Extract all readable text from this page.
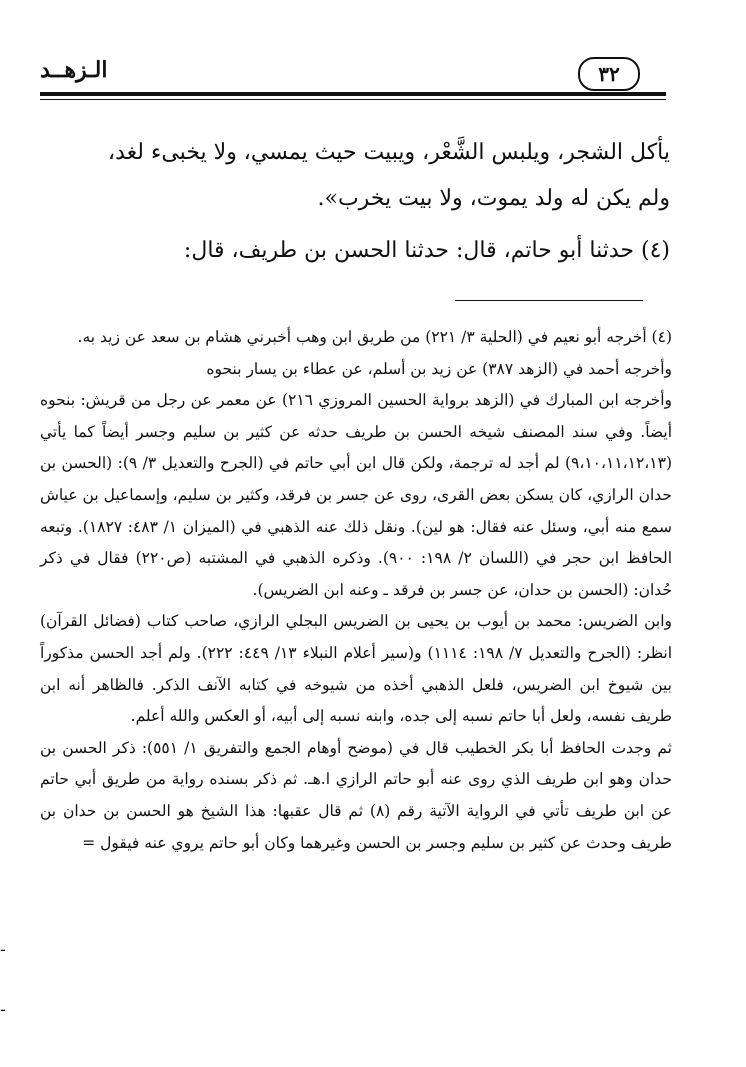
٣٢
الـزهــد

يأكل الشجر، ويلبس الشَّعْر، ويبيت حيث يمسي، ولا يخبىء لغد،

ولم يكن له ولد يموت، ولا بيت يخرب».

(٤) حدثنا أبو حاتم، قال: حدثنا الحسن بن طريف، قال:

(٤) أخرجه أبو نعيم في (الحلية ٣/ ٢٢١) من طريق ابن وهب أخبرني هشام بن سعد عن زيد به.

وأخرجه أحمد في (الزهد ٣٨٧) عن زيد بن أسلم، عن عطاء بن يسار بنحوه

وأخرجه ابن المبارك في (الزهد برواية الحسين المروزي ٢١٦) عن معمر عن رجل من قريش: بنحوه أيضاً. وفي سند المصنف شيخه الحسن بن طريف حدثه عن كثير بن سليم وجسر أيضاً كما يأتي (٩،١٠،١١،١٢،١٣) لم أجد له ترجمة، ولكن قال ابن أبي حاتم في (الجرح والتعديل ٣/ ٩): (الحسن بن حدان الرازي، كان يسكن بعض القرى، روى عن جسر بن فرقد، وكثير بن سليم، وإسماعيل بن عياش سمع منه أبي، وسئل عنه فقال: هو لين). ونقل ذلك عنه الذهبي في (الميزان ١/ ٤٨٣: ١٨٢٧). وتبعه الحافظ ابن حجر في (اللسان ٢/ ١٩٨: ٩٠٠). وذكره الذهبي في المشتبه (ص٢٢٠) فقال في ذكر حُدان: (الحسن بن حدان، عن جسر بن فرقد ـ وعنه ابن الضريس).

وابن الضريس: محمد بن أيوب بن يحيى بن الضريس البجلي الرازي، صاحب كتاب (فضائل القرآن) انظر: (الجرح والتعديل ٧/ ١٩٨: ١١١٤) و(سير أعلام النبلاء ١٣/ ٤٤٩: ٢٢٢). ولم أجد الحسن مذكوراً بين شيوخ ابن الضريس، فلعل الذهبي أخذه من شيوخه في كتابه الآنف الذكر. فالظاهر أنه ابن طريف نفسه، ولعل أبا حاتم نسبه إلى جده، وابنه نسبه إلى أبيه، أو العكس والله أعلم.

ثم وجدت الحافظ أبا بكر الخطيب قال في (موضح أوهام الجمع والتفريق ١/ ٥٥١): ذكر الحسن بن حدان وهو ابن طريف الذي روى عنه أبو حاتم الرازي ا.هـ. ثم ذكر بسنده رواية من طريق أبي حاتم عن ابن طريف تأتي في الرواية الآتية رقم (٨) ثم قال عقبها: هذا الشيخ هو الحسن بن حدان بن طريف وحدث عن كثير بن سليم وجسر بن الحسن وغيرهما وكان أبو حاتم يروي عنه فيقول =

-
-
